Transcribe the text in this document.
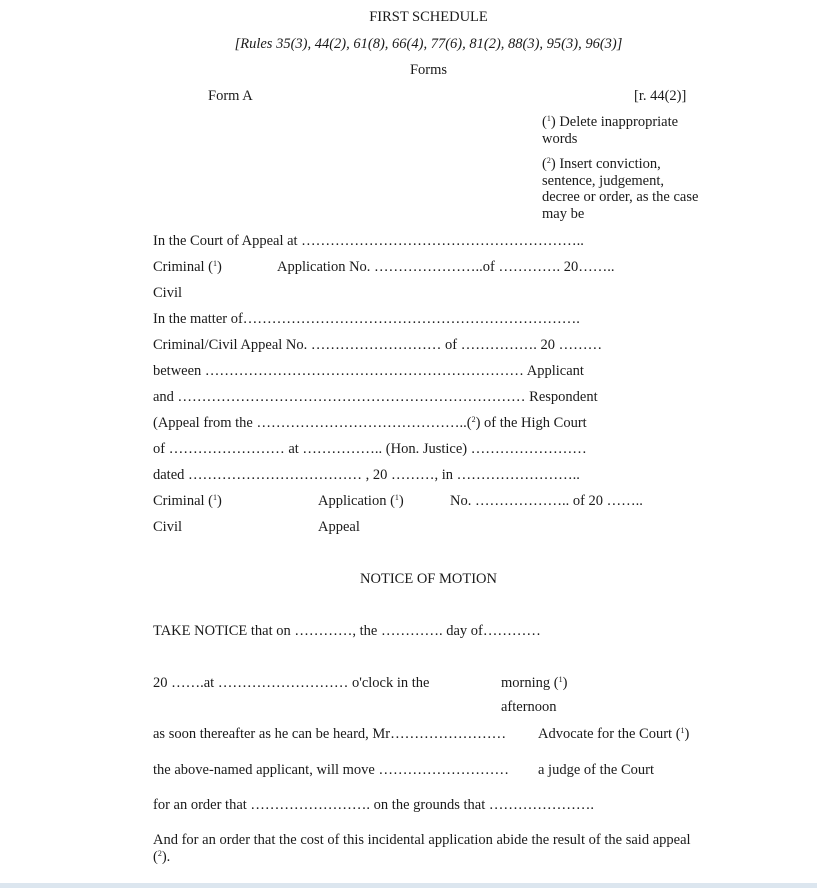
FIRST SCHEDULE
[Rules 35(3), 44(2), 61(8), 66(4), 77(6), 81(2), 88(3), 95(3), 96(3)]
Forms
Form A	[r. 44(2)]
($^1$) Delete inappropriate words
($^2$) Insert conviction, sentence, judgement, decree or order, as the case may be
In the Court of Appeal at …………………………………………………..
Criminal ($^1$)	Application No. …………………..of …………. 20……..
Civil
In the matter of…………………………………………………………….
Criminal/Civil Appeal No. ……………………… of ……………. 20 ………
between ………………………………………………………… Applicant
and ……………………………………………………………… Respondent
(Appeal from the ……………………………………..($^2$) of the High Court
of …………………… at …………….. (Hon. Justice) ……………………
dated ……………………………… , 20 ………, in ……………………..
Criminal ($^1$)	Application ($^1$)	No. ……………….. of 20 ……..
Civil	Appeal
NOTICE OF MOTION
TAKE NOTICE that on …………, the …………. day of…………
20 …….at ……………………… o'clock in the	morning ($^1$)
afternoon
as soon thereafter as he can be heard, Mr…………………… Advocate for the Court ($^1$)
the above-named applicant, will move ……………………… a judge of the Court
for an order that ……………………. on the grounds that ………………….
And for an order that the cost of this incidental application abide the result of the said appeal ($^2$).
